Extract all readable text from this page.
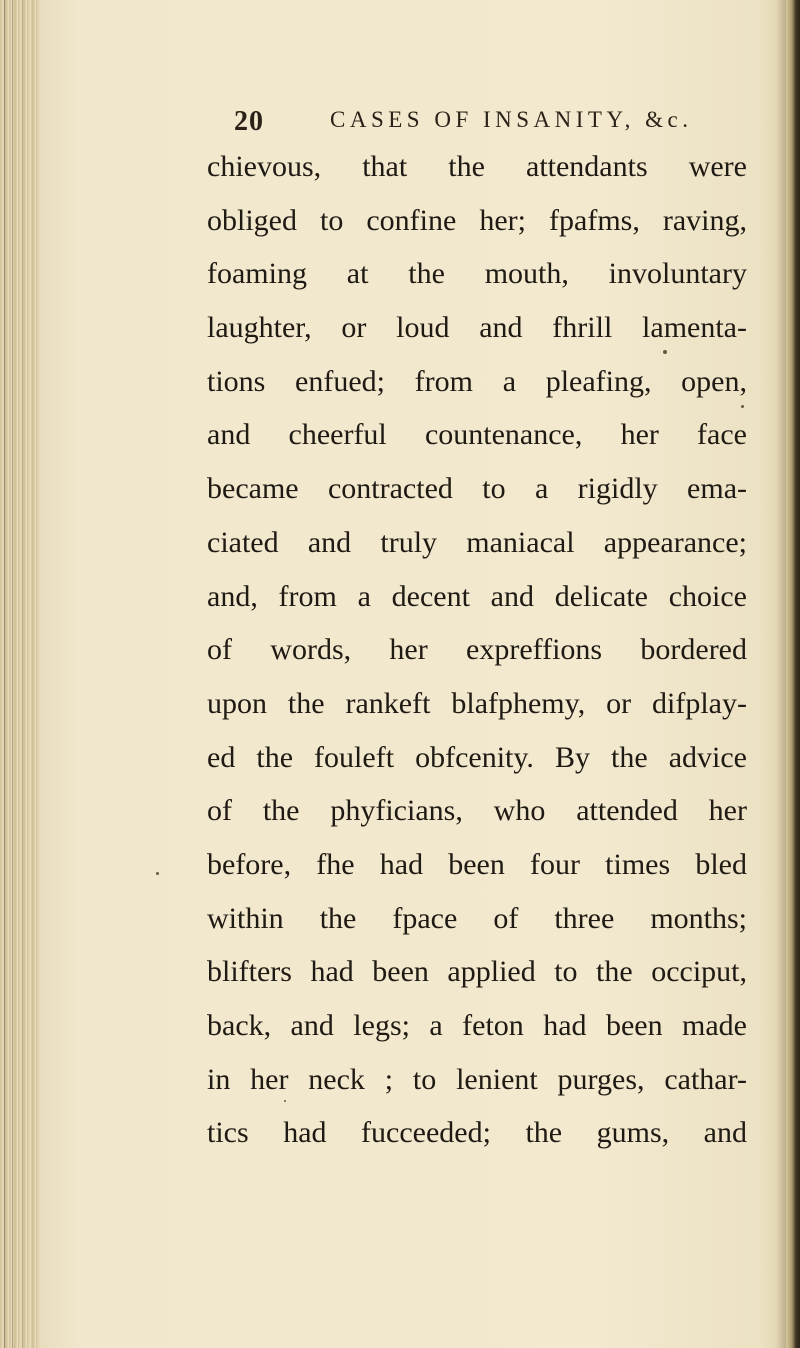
20	CASES OF INSANITY, &c.
chievous, that the attendants were
obliged to confine her; fpafms, raving,
foaming at the mouth, involuntary
laughter, or loud and fhrill lamenta-
tions enfued; from a pleafing, open,
and cheerful countenance, her face
became contracted to a rigidly ema-
ciated and truly maniacal appearance;
and, from a decent and delicate choice
of words, her expreffions bordered
upon the rankeft blafphemy, or difplay-
ed the fouleft obfcenity. By the advice
of the phyficians, who attended her
before, fhe had been four times bled
within the fpace of three months;
blifters had been applied to the occiput,
back, and legs; a feton had been made
in her neck ; to lenient purges, cathar-
tics had fucceeded; the gums, and
